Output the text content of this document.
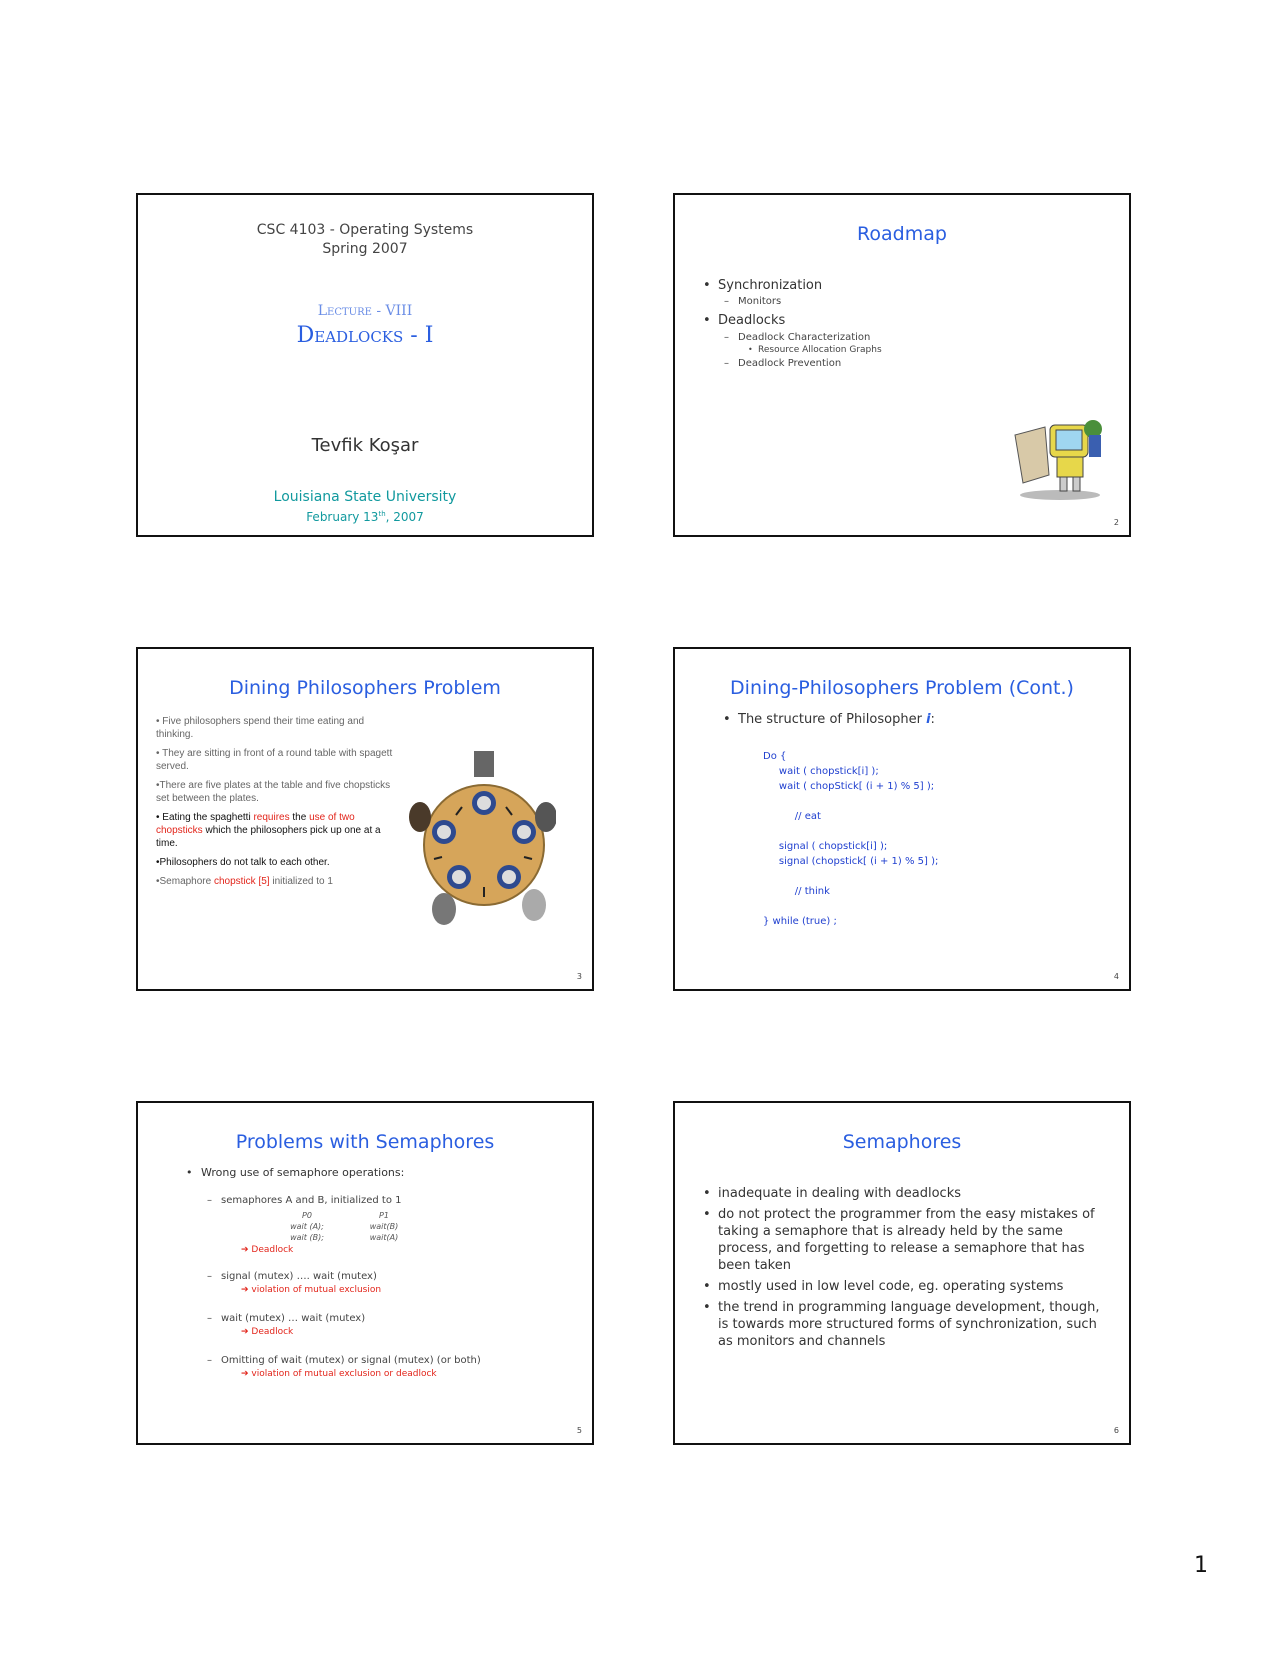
CSC 4103 - Operating Systems
Spring 2007
Lecture - VIII
Deadlocks - I
Tevfik Koşar
Louisiana State University
February 13th, 2007
Roadmap
• Synchronization
– Monitors
• Deadlocks
– Deadlock Characterization
• Resource Allocation Graphs
– Deadlock Prevention
2
Dining Philosophers Problem
• Five philosophers spend their time eating and thinking.
• They are sitting in front of a round table with spagett served.
•There are five plates at the table and five chopsticks set between the plates.
• Eating the spaghetti requires the use of two chopsticks which the philosophers pick up one at a time.
•Philosophers do not talk to each other.
•Semaphore chopstick [5] initialized to 1
3
Dining-Philosophers Problem (Cont.)
• The structure of Philosopher i:
Do {
wait ( chopstick[i] );
wait ( chopStick[ (i + 1) % 5] );

// eat

signal ( chopstick[i] );
signal (chopstick[ (i + 1) % 5] );

// think

} while (true) ;
4
Problems with Semaphores
• Wrong use of semaphore operations:
– semaphores A and B, initialized to 1
P0	P1
wait (A);	wait(B)
wait (B);	wait(A)
➔ Deadlock
– signal (mutex) …. wait (mutex)
➔ violation of mutual exclusion
– wait (mutex) … wait (mutex)
➔ Deadlock
– Omitting of wait (mutex) or signal (mutex) (or both)
➔ violation of mutual exclusion or deadlock
5
Semaphores
• inadequate in dealing with deadlocks
• do not protect the programmer from the easy mistakes of taking a semaphore that is already held by the same process, and forgetting to release a semaphore that has been taken
• mostly used in low level code, eg. operating systems
• the trend in programming language development, though, is towards more structured forms of synchronization, such as monitors and channels
6
1
